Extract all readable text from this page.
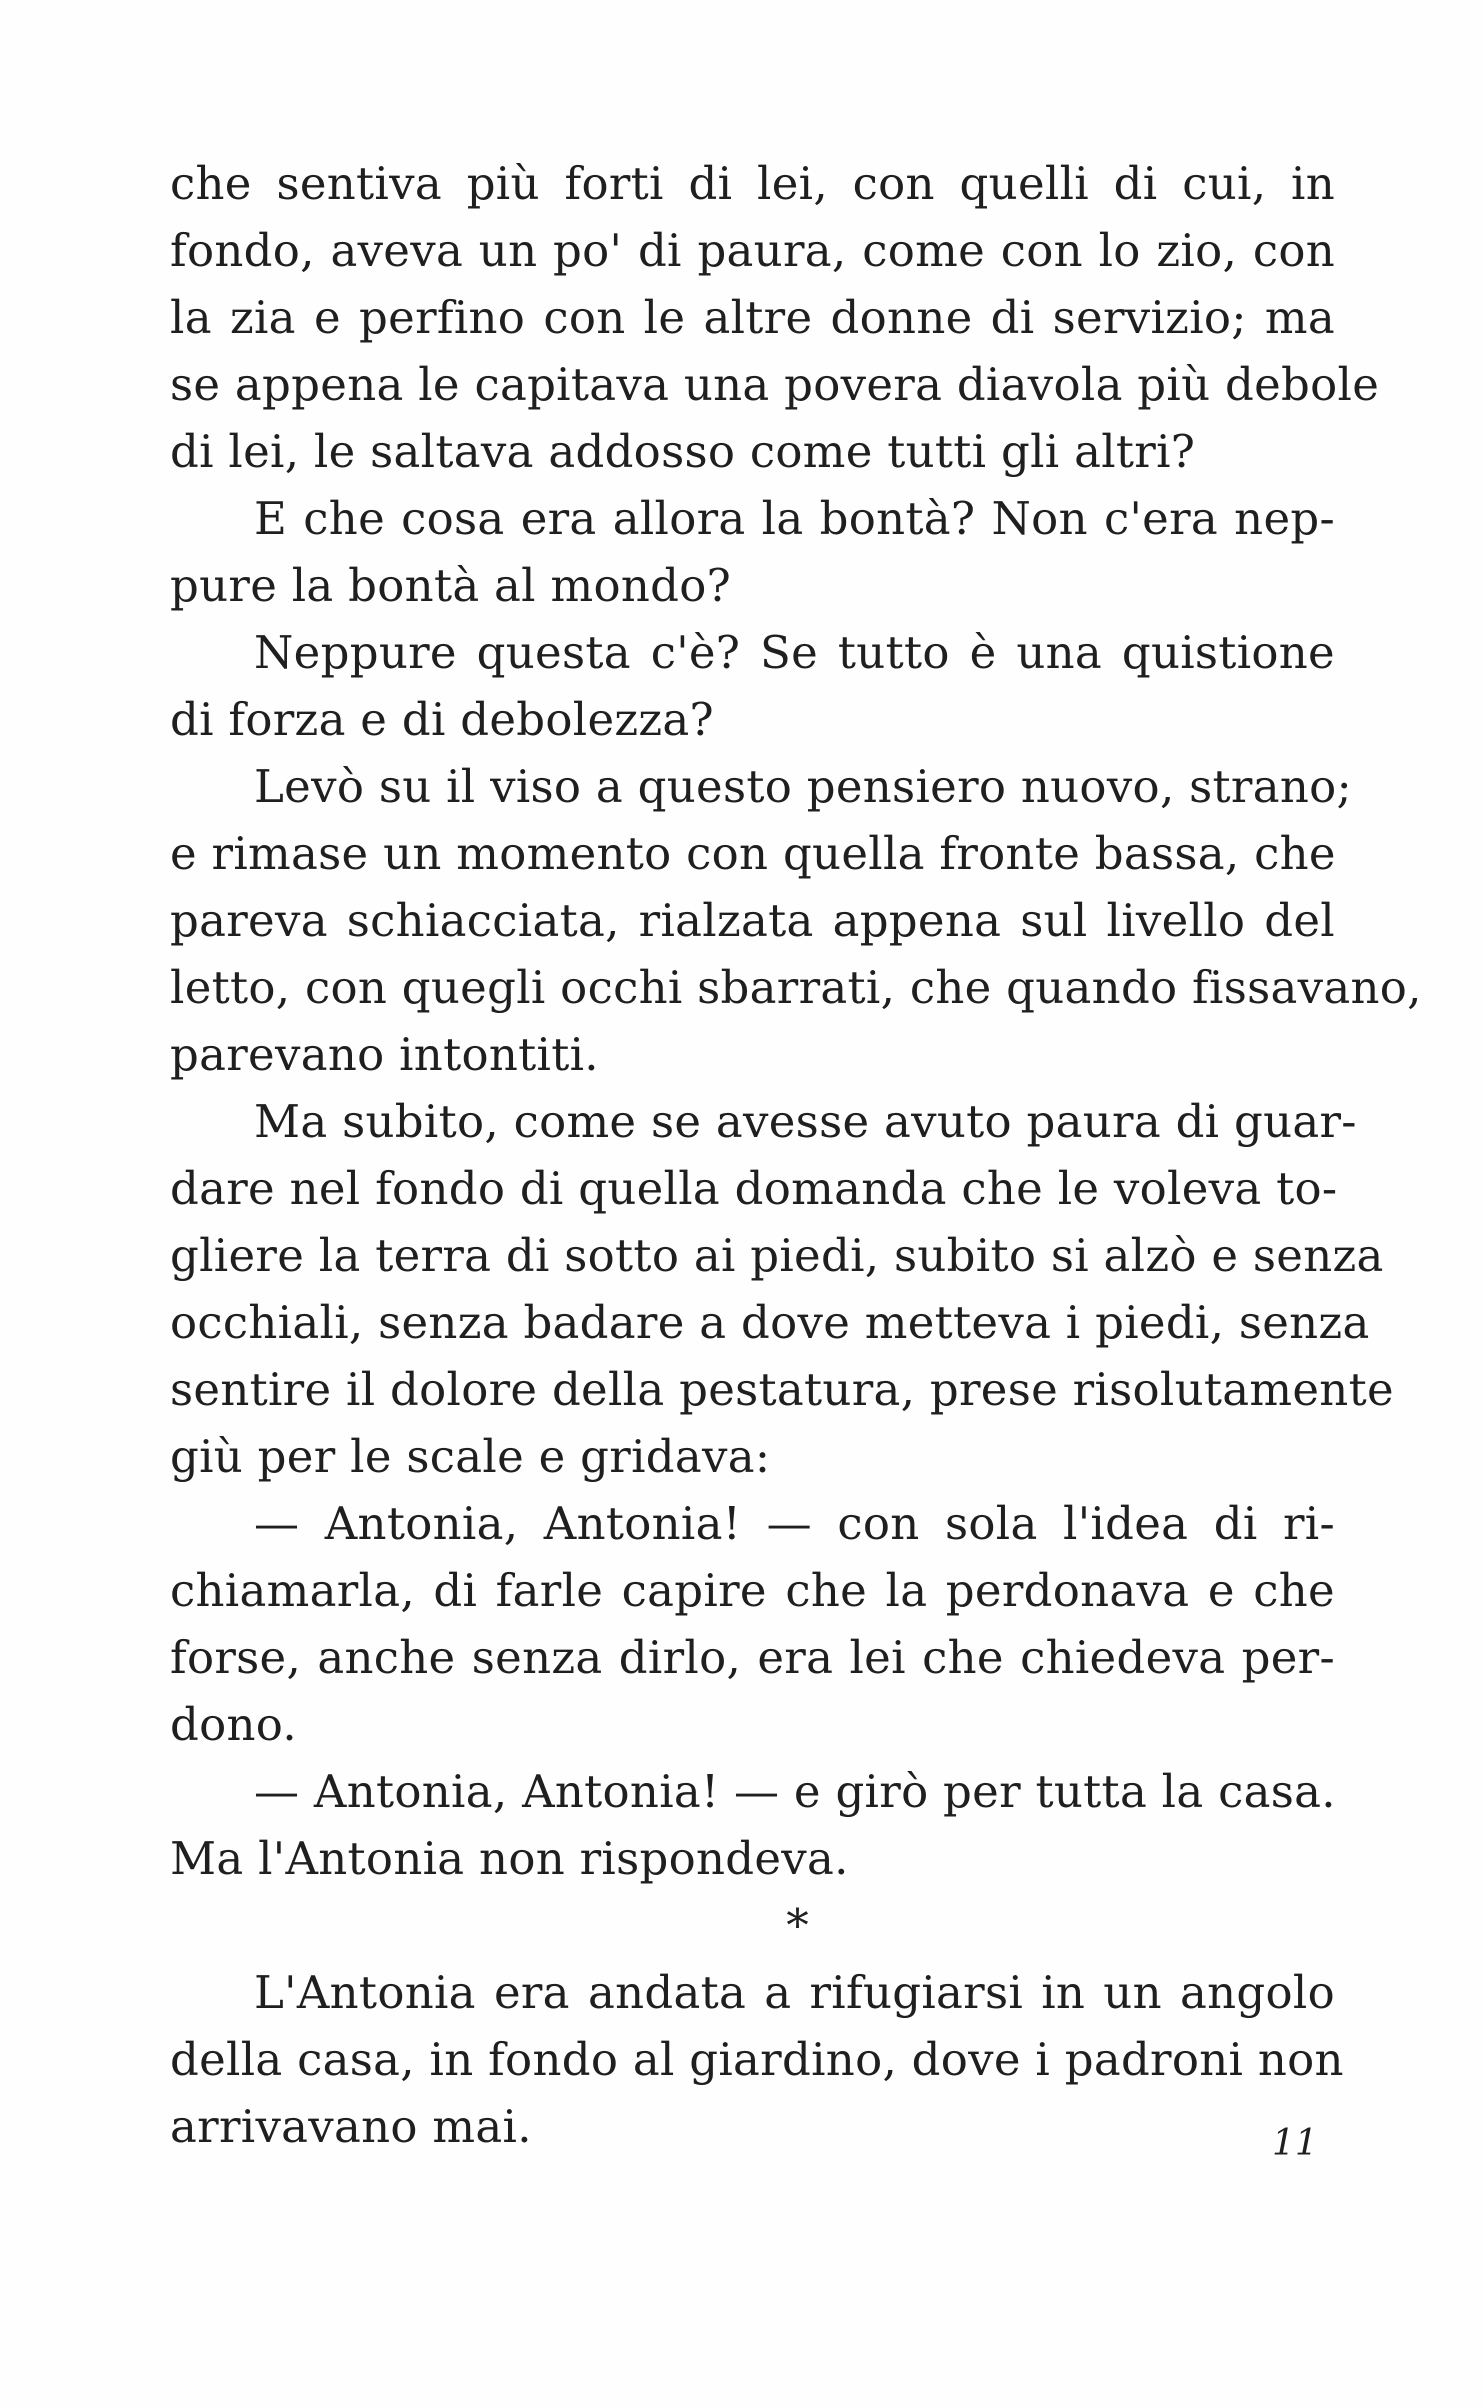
che sentiva più forti di lei, con quelli di cui, in
fondo, aveva un po' di paura, come con lo zio, con
la zia e perfino con le altre donne di servizio; ma
se appena le capitava una povera diavola più debole
di lei, le saltava addosso come tutti gli altri?
E che cosa era allora la bontà? Non c'era nep-
pure la bontà al mondo?
Neppure questa c'è? Se tutto è una quistione
di forza e di debolezza?
Levò su il viso a questo pensiero nuovo, strano;
e rimase un momento con quella fronte bassa, che
pareva schiacciata, rialzata appena sul livello del
letto, con quegli occhi sbarrati, che quando fissavano,
parevano intontiti.
Ma subito, come se avesse avuto paura di guar-
dare nel fondo di quella domanda che le voleva to-
gliere la terra di sotto ai piedi, subito si alzò e senza
occhiali, senza badare a dove metteva i piedi, senza
sentire il dolore della pestatura, prese risolutamente
giù per le scale e gridava:
— Antonia, Antonia! — con sola l'idea di ri-
chiamarla, di farle capire che la perdonava e che
forse, anche senza dirlo, era lei che chiedeva per-
dono.
— Antonia, Antonia! — e girò per tutta la casa.
Ma l'Antonia non rispondeva.
*
L'Antonia era andata a rifugiarsi in un angolo
della casa, in fondo al giardino, dove i padroni non
arrivavano mai.	11
